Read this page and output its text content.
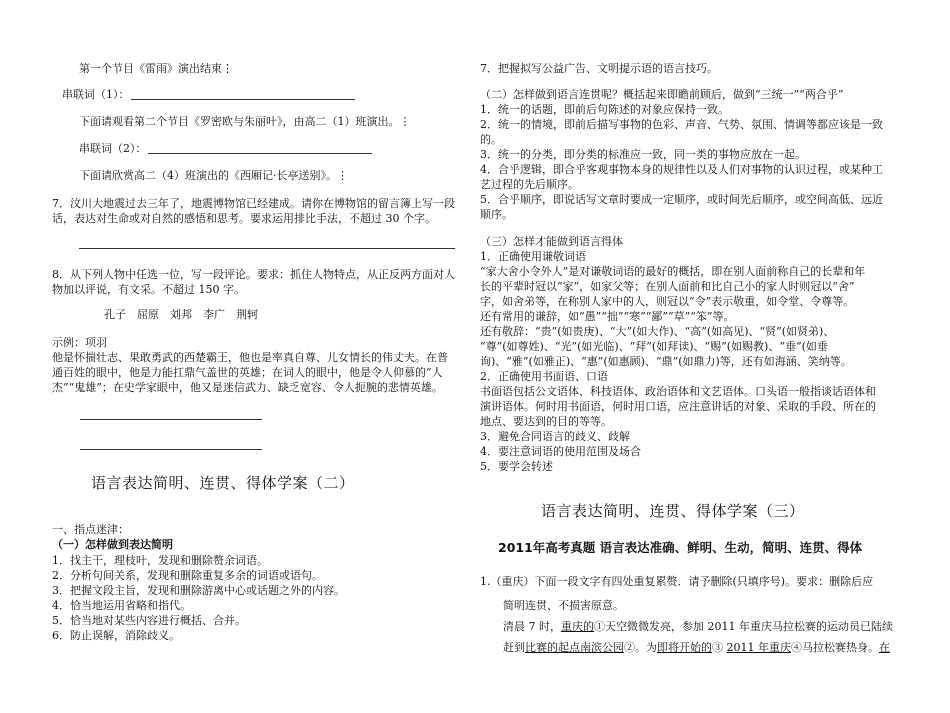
第一个节目《雷雨》演出结束⋮
串联词（1）：
下面请观看第二个节目《罗密欧与朱丽叶》，由高二（1）班演出。⋮
串联词（2）：
下面请欣赏高二（4）班演出的《西厢记·长亭送别》。⋮
7．汶川大地震过去三年了，地震博物馆已经建成。请你在博物馆的留言簿上写一段
话，表达对生命或对自然的感悟和思考。要求运用排比手法，不超过 30 个字。
8．从下列人物中任选一位，写一段评论。要求：抓住人物特点，从正反两方面对人
物加以评说，有文采。不超过 150 字。
孔子　屈原　刘邦　李广　荆轲
示例：项羽
他是怀揣壮志、果敢勇武的西楚霸王，他也是率真自尊、儿女情长的伟丈夫。在普
通百姓的眼中，他是力能扛鼎气盖世的英雄；在词人的眼中，他是令人仰慕的“人
杰”“鬼雄”；在史学家眼中，他又是迷信武力、缺乏宽容、令人扼腕的悲情英雄。
语言表达简明、连贯、得体学案（二）
一、指点迷津：
（一）怎样做到表达简明
1．找主干，理枝叶，发现和删除赘余词语。
2．分析句间关系，发现和删除重复多余的词语或语句。
3．把握文段主旨，发现和删除游离中心或话题之外的内容。
4．恰当地运用省略和指代。
5．恰当地对某些内容进行概括、合并。
6．防止误解，消除歧义。
7．把握拟写公益广告、文明提示语的语言技巧。
（二）怎样做到语言连贯呢？概括起来即瞻前顾后，做到“三统一”“两合乎”
1．统一的话题，即前后句陈述的对象应保持一致。
2．统一的情境，即前后描写事物的色彩、声音、气势、氛围、情调等都应该是一致
的。
3．统一的分类，即分类的标准应一致，同一类的事物应放在一起。
4．合乎逻辑，即合乎客观事物本身的规律性以及人们对事物的认识过程，或某种工
艺过程的先后顺序。
5．合乎顺序，即说话写文章时要成一定顺序，或时间先后顺序，或空间高低、远近
顺序。
（三）怎样才能做到语言得体
1．正确使用谦敬词语
“家大舍小令外人”是对谦敬词语的最好的概括，即在别人面前称自己的长辈和年
长的平辈时冠以“家”，如家父等；在别人面前和比自己小的家人时则冠以“舍”
字，如舍弟等，在称别人家中的人，则冠以“令”表示敬重，如令堂、令尊等。
还有常用的谦辞，如“愚”“拙”“寒”“鄙”“草”“笨”等。
还有敬辞：“贵”(如贵庚)、“大”(如大作)、“高”(如高见)、“贤”(如贤弟)、
“尊”(如尊姓)、“光”(如光临)、“拜”(如拜读)、“赐”(如赐教)、“垂”(如垂
询)、“雅”(如雅正)、“惠”(如惠顾)、“鼎”(如鼎力)等，还有如海涵、笑纳等。
2．正确使用书面语、口语
书面语包括公文语体、科技语体、政治语体和文艺语体。口头语一般指谈话语体和
演讲语体。何时用书面语，何时用口语，应注意讲话的对象、采取的手段、所在的
地点、要达到的目的等等。
3．避免合同语言的歧义、歧解
4．要注意词语的使用范围及场合
5．要学会转述
语言表达简明、连贯、得体学案（三）
2011年高考真题 语言表达准确、鲜明、生动，简明、连贯、得体
1.（重庆）下面一段文字有四处重复累赘．请予删除(只填序号)。要求：删除后应
简明连贯、不损害原意。
清晨 7 时，重庆的①天空微微发亮，参加 2011 年重庆马拉松赛的运动员已陆续
赶到比赛的起点南滨公园②。为即将开始的③ 2011 年重庆④马拉松赛热身。在
